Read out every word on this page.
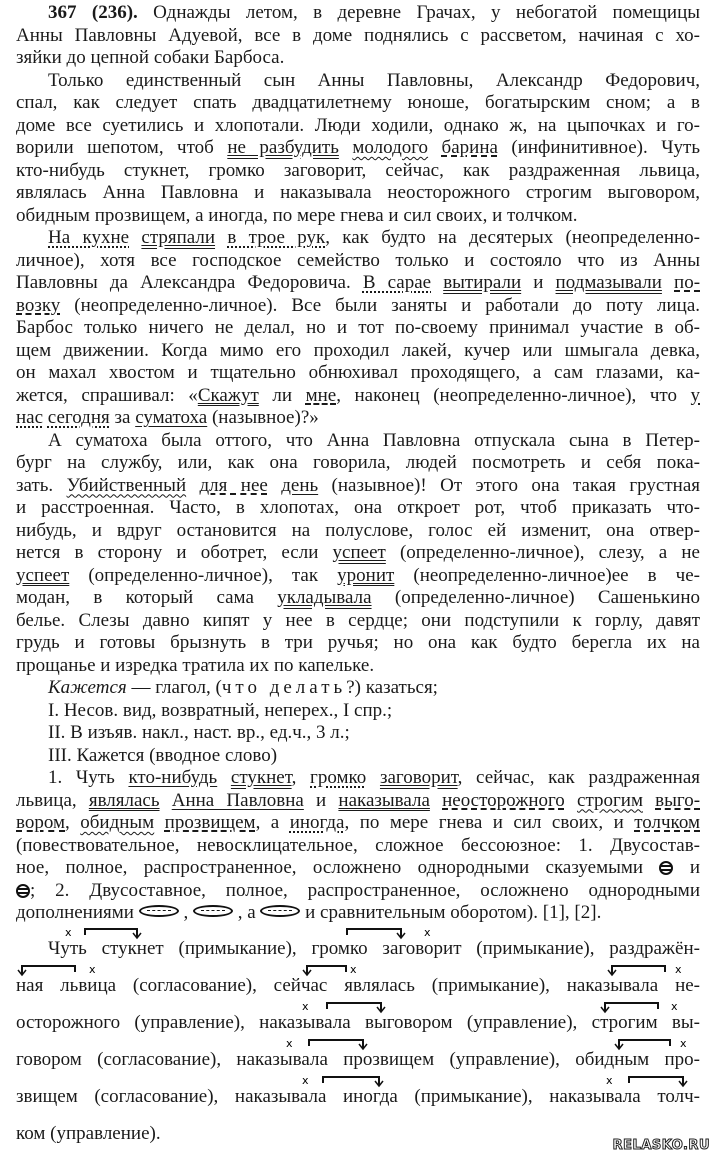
367 (236). Однажды летом, в деревне Грачах, у небогатой помещицы
Анны Павловны Адуевой, все в доме поднялись с рассветом, начиная с хо-
зяйки до цепной собаки Барбоса.
Только единственный сын Анны Павловны, Александр Федорович,
спал, как следует спать двадцатилетнему юноше, богатырским сном; а в
доме все суетились и хлопотали. Люди ходили, однако ж, на цыпочках и го-
ворили шепотом, чтоб не разбудить молодого барина (инфинитивное). Чуть
кто-нибудь стукнет, громко заговорит, сейчас, как раздраженная львица,
являлась Анна Павловна и наказывала неосторожного строгим выговором,
обидным прозвищем, а иногда, по мере гнева и сил своих, и толчком.
На кухне стряпали в трое рук, как будто на десятерых (неопределенно-
личное), хотя все господское семейство только и состояло что из Анны
Павловны да Александра Федоровича. В сарае вытирали и подмазывали по-
возку (неопределенно-личное). Все были заняты и работали до поту лица.
Барбос только ничего не делал, но и тот по-своему принимал участие в об-
щем движении. Когда мимо его проходил лакей, кучер или шмыгала девка,
он махал хвостом и тщательно обнюхивал проходящего, а сам глазами, ка-
жется, спрашивал: «Скажут ли мне, наконец (неопределенно-личное), что у
нас сегодня за суматоха (назывное)?»
А суматоха была оттого, что Анна Павловна отпускала сына в Петер-
бург на службу, или, как она говорила, людей посмотреть и себя пока-
зать. Убийственный для нее день (назывное)! От этого она такая грустная
и расстроенная. Часто, в хлопотах, она откроет рот, чтоб приказать что-
нибудь, и вдруг остановится на полуслове, голос ей изменит, она отвер-
нется в сторону и оботрет, если успеет (определенно-личное), слезу, а не
успеет (определенно-личное), так уронит (неопределенно-личное)ее в че-
модан, в который сама укладывала (определенно-личное) Сашенькино
белье. Слезы давно кипят у нее в сердце; они подступили к горлу, давят
грудь и готовы брызнуть в три ручья; но она как будто берегла их на
прощанье и изредка тратила их по капельке.
Кажется — глагол, (что делать?) казаться;
I. Несов. вид, возвратный, неперех., I спр.;
II. В изъяв. накл., наст. вр., ед.ч., 3 л.;
III. Кажется (вводное слово)
1. Чуть кто-нибудь стукнет, громко заговорит, сейчас, как раздраженная
львица, являлась Анна Павловна и наказывала неосторожного строгим выго-
вором, обидным прозвищем, а иногда, по мере гнева и сил своих, и толчком
(повествовательное, невосклицательное, сложное бессоюзное: 1. Двусостав-
ное, полное, распространенное, осложнено однородными сказуемыми  и
; 2. Двусоставное, полное, распространенное, осложнено однородными
дополнениями  ,  , а  и сравнительным оборотом). [1], [2].
Чуть стукнет (примыкание), громко заговорит (примыкание), раздражён-
ная львица (согласование), сейчас являлась (примыкание), наказывала не-
осторожного (управление), наказывала выговором (управление), строгим вы-
говором (согласование), наказывала прозвищем (управление), обидным про-
звищем (согласование), наказывала иногда (примыкание), наказывала толч-
ком (управление).
x	x
x	x	x
x	x
x	x
x	x
RELASKO.RU
